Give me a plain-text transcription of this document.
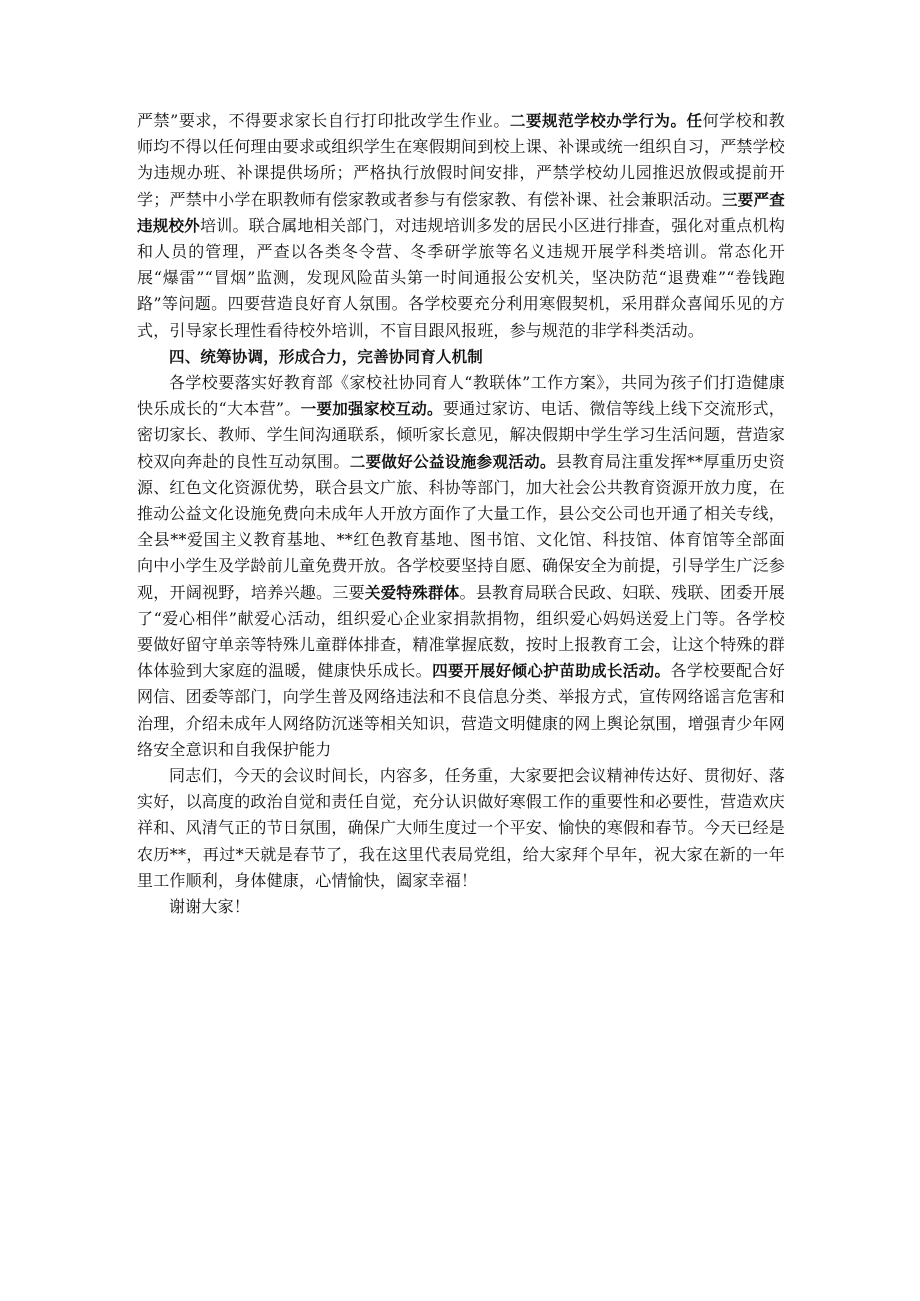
严禁”要求，不得要求家长自行打印批改学生作业。二要规范学校办学行为。任何学校和教师均不得以任何理由要求或组织学生在寒假期间到校上课、补课或统一组织自习，严禁学校为违规办班、补课提供场所；严格执行放假时间安排，严禁学校幼儿园推迟放假或提前开学；严禁中小学在职教师有偿家教或者参与有偿家教、有偿补课、社会兼职活动。三要严查违规校外培训。联合属地相关部门，对违规培训多发的居民小区进行排查，强化对重点机构和人员的管理，严查以各类冬令营、冬季研学旅等名义违规开展学科类培训。常态化开展“爆雷”“冒烟”监测，发现风险苗头第一时间通报公安机关，坚决防范“退费难”“卷钱跑路”等问题。四要营造良好育人氛围。各学校要充分利用寒假契机，采用群众喜闻乐见的方式，引导家长理性看待校外培训，不盲目跟风报班，参与规范的非学科类活动。

四、统筹协调，形成合力，完善协同育人机制

各学校要落实好教育部《家校社协同育人“教联体”工作方案》，共同为孩子们打造健康快乐成长的“大本营”。一要加强家校互动。要通过家访、电话、微信等线上线下交流形式，密切家长、教师、学生间沟通联系，倾听家长意见，解决假期中学生学习生活问题，营造家校双向奔赴的良性互动氛围。二要做好公益设施参观活动。县教育局注重发挥**厚重历史资源、红色文化资源优势，联合县文广旅、科协等部门，加大社会公共教育资源开放力度，在推动公益文化设施免费向未成年人开放方面作了大量工作，县公交公司也开通了相关专线，全县**爱国主义教育基地、**红色教育基地、图书馆、文化馆、科技馆、体育馆等全部面向中小学生及学龄前儿童免费开放。各学校要坚持自愿、确保安全为前提，引导学生广泛参观，开阔视野，培养兴趣。三要关爱特殊群体。县教育局联合民政、妇联、残联、团委开展了“爱心相伴”献爱心活动，组织爱心企业家捐款捐物，组织爱心妈妈送爱上门等。各学校要做好留守单亲等特殊儿童群体排查，精准掌握底数，按时上报教育工会，让这个特殊的群体体验到大家庭的温暖，健康快乐成长。四要开展好倾心护苗助成长活动。各学校要配合好网信、团委等部门，向学生普及网络违法和不良信息分类、举报方式，宣传网络谣言危害和治理，介绍未成年人网络防沉迷等相关知识，营造文明健康的网上舆论氛围，增强青少年网络安全意识和自我保护能力

同志们，今天的会议时间长，内容多，任务重，大家要把会议精神传达好、贯彻好、落实好，以高度的政治自觉和责任自觉，充分认识做好寒假工作的重要性和必要性，营造欢庆祥和、风清气正的节日氛围，确保广大师生度过一个平安、愉快的寒假和春节。今天已经是农历**，再过*天就是春节了，我在这里代表局党组，给大家拜个早年，祝大家在新的一年里工作顺利，身体健康，心情愉快，阖家幸福！

谢谢大家！
